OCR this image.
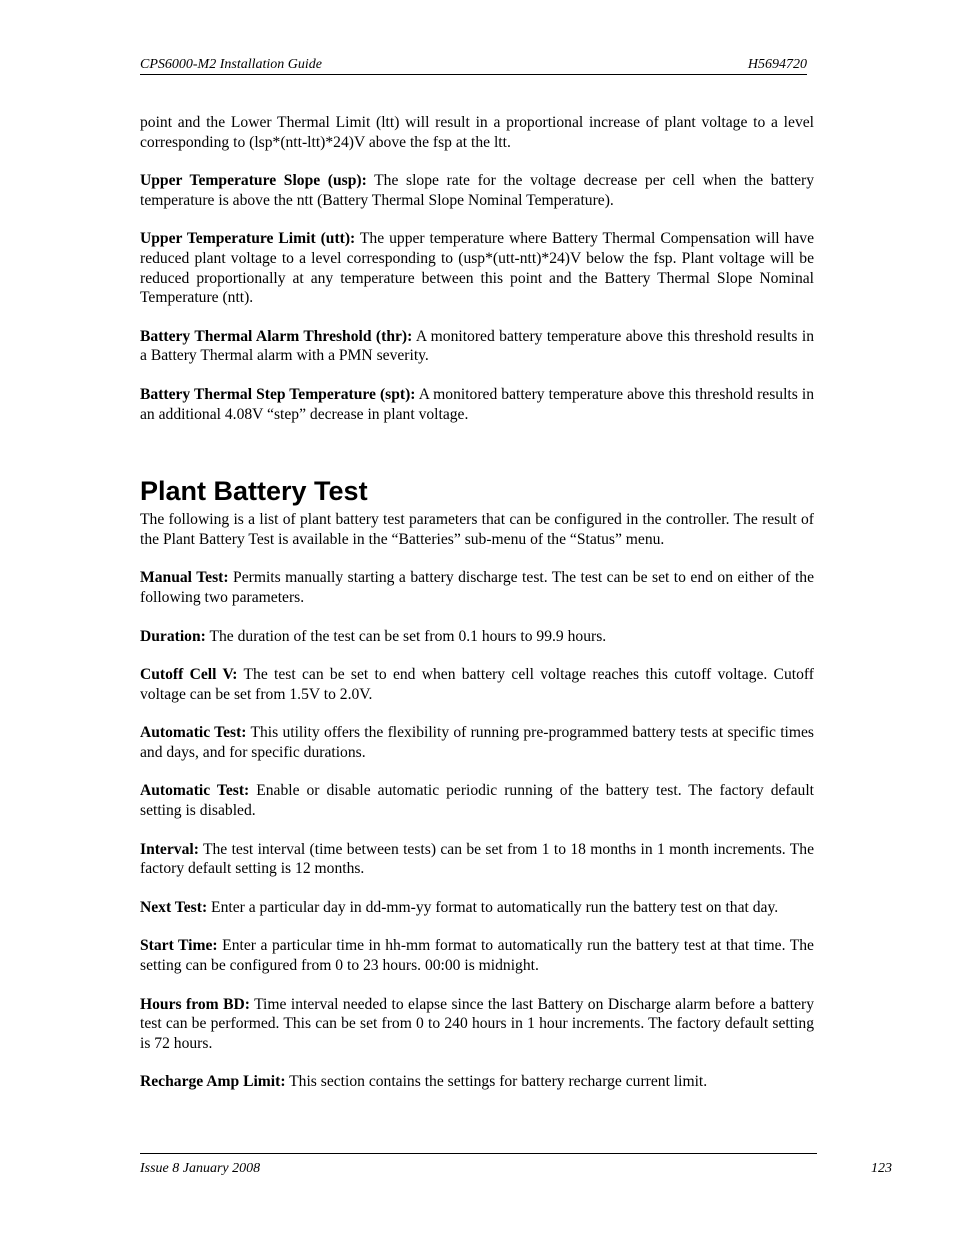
CPS6000-M2 Installation Guide	H5694720

point and the Lower Thermal Limit (ltt) will result in a proportional increase of plant voltage to a level corresponding to (lsp*(ntt-ltt)*24)V above the fsp at the ltt.

Upper Temperature Slope (usp): The slope rate for the voltage decrease per cell when the battery temperature is above the ntt (Battery Thermal Slope Nominal Temperature).

Upper Temperature Limit (utt): The upper temperature where Battery Thermal Compensation will have reduced plant voltage to a level corresponding to (usp*(utt-ntt)*24)V below the fsp. Plant voltage will be reduced proportionally at any temperature between this point and the Battery Thermal Slope Nominal Temperature (ntt).

Battery Thermal Alarm Threshold (thr): A monitored battery temperature above this threshold results in a Battery Thermal alarm with a PMN severity.

Battery Thermal Step Temperature (spt): A monitored battery temperature above this threshold results in an additional 4.08V “step” decrease in plant voltage.

Plant Battery Test

The following is a list of plant battery test parameters that can be configured in the controller. The result of the Plant Battery Test is available in the “Batteries” sub-menu of the “Status” menu.

Manual Test: Permits manually starting a battery discharge test. The test can be set to end on either of the following two parameters.

Duration: The duration of the test can be set from 0.1 hours to 99.9 hours.

Cutoff Cell V: The test can be set to end when battery cell voltage reaches this cutoff voltage. Cutoff voltage can be set from 1.5V to 2.0V.

Automatic Test: This utility offers the flexibility of running pre-programmed battery tests at specific times and days, and for specific durations.

Automatic Test: Enable or disable automatic periodic running of the battery test. The factory default setting is disabled.

Interval: The test interval (time between tests) can be set from 1 to 18 months in 1 month increments. The factory default setting is 12 months.

Next Test: Enter a particular day in dd-mm-yy format to automatically run the battery test on that day.

Start Time: Enter a particular time in hh-mm format to automatically run the battery test at that time. The setting can be configured from 0 to 23 hours. 00:00 is midnight.

Hours from BD: Time interval needed to elapse since the last Battery on Discharge alarm before a battery test can be performed. This can be set from 0 to 240 hours in 1 hour increments. The factory default setting is 72 hours.

Recharge Amp Limit: This section contains the settings for battery recharge current limit.

Issue 8 January 2008	123
